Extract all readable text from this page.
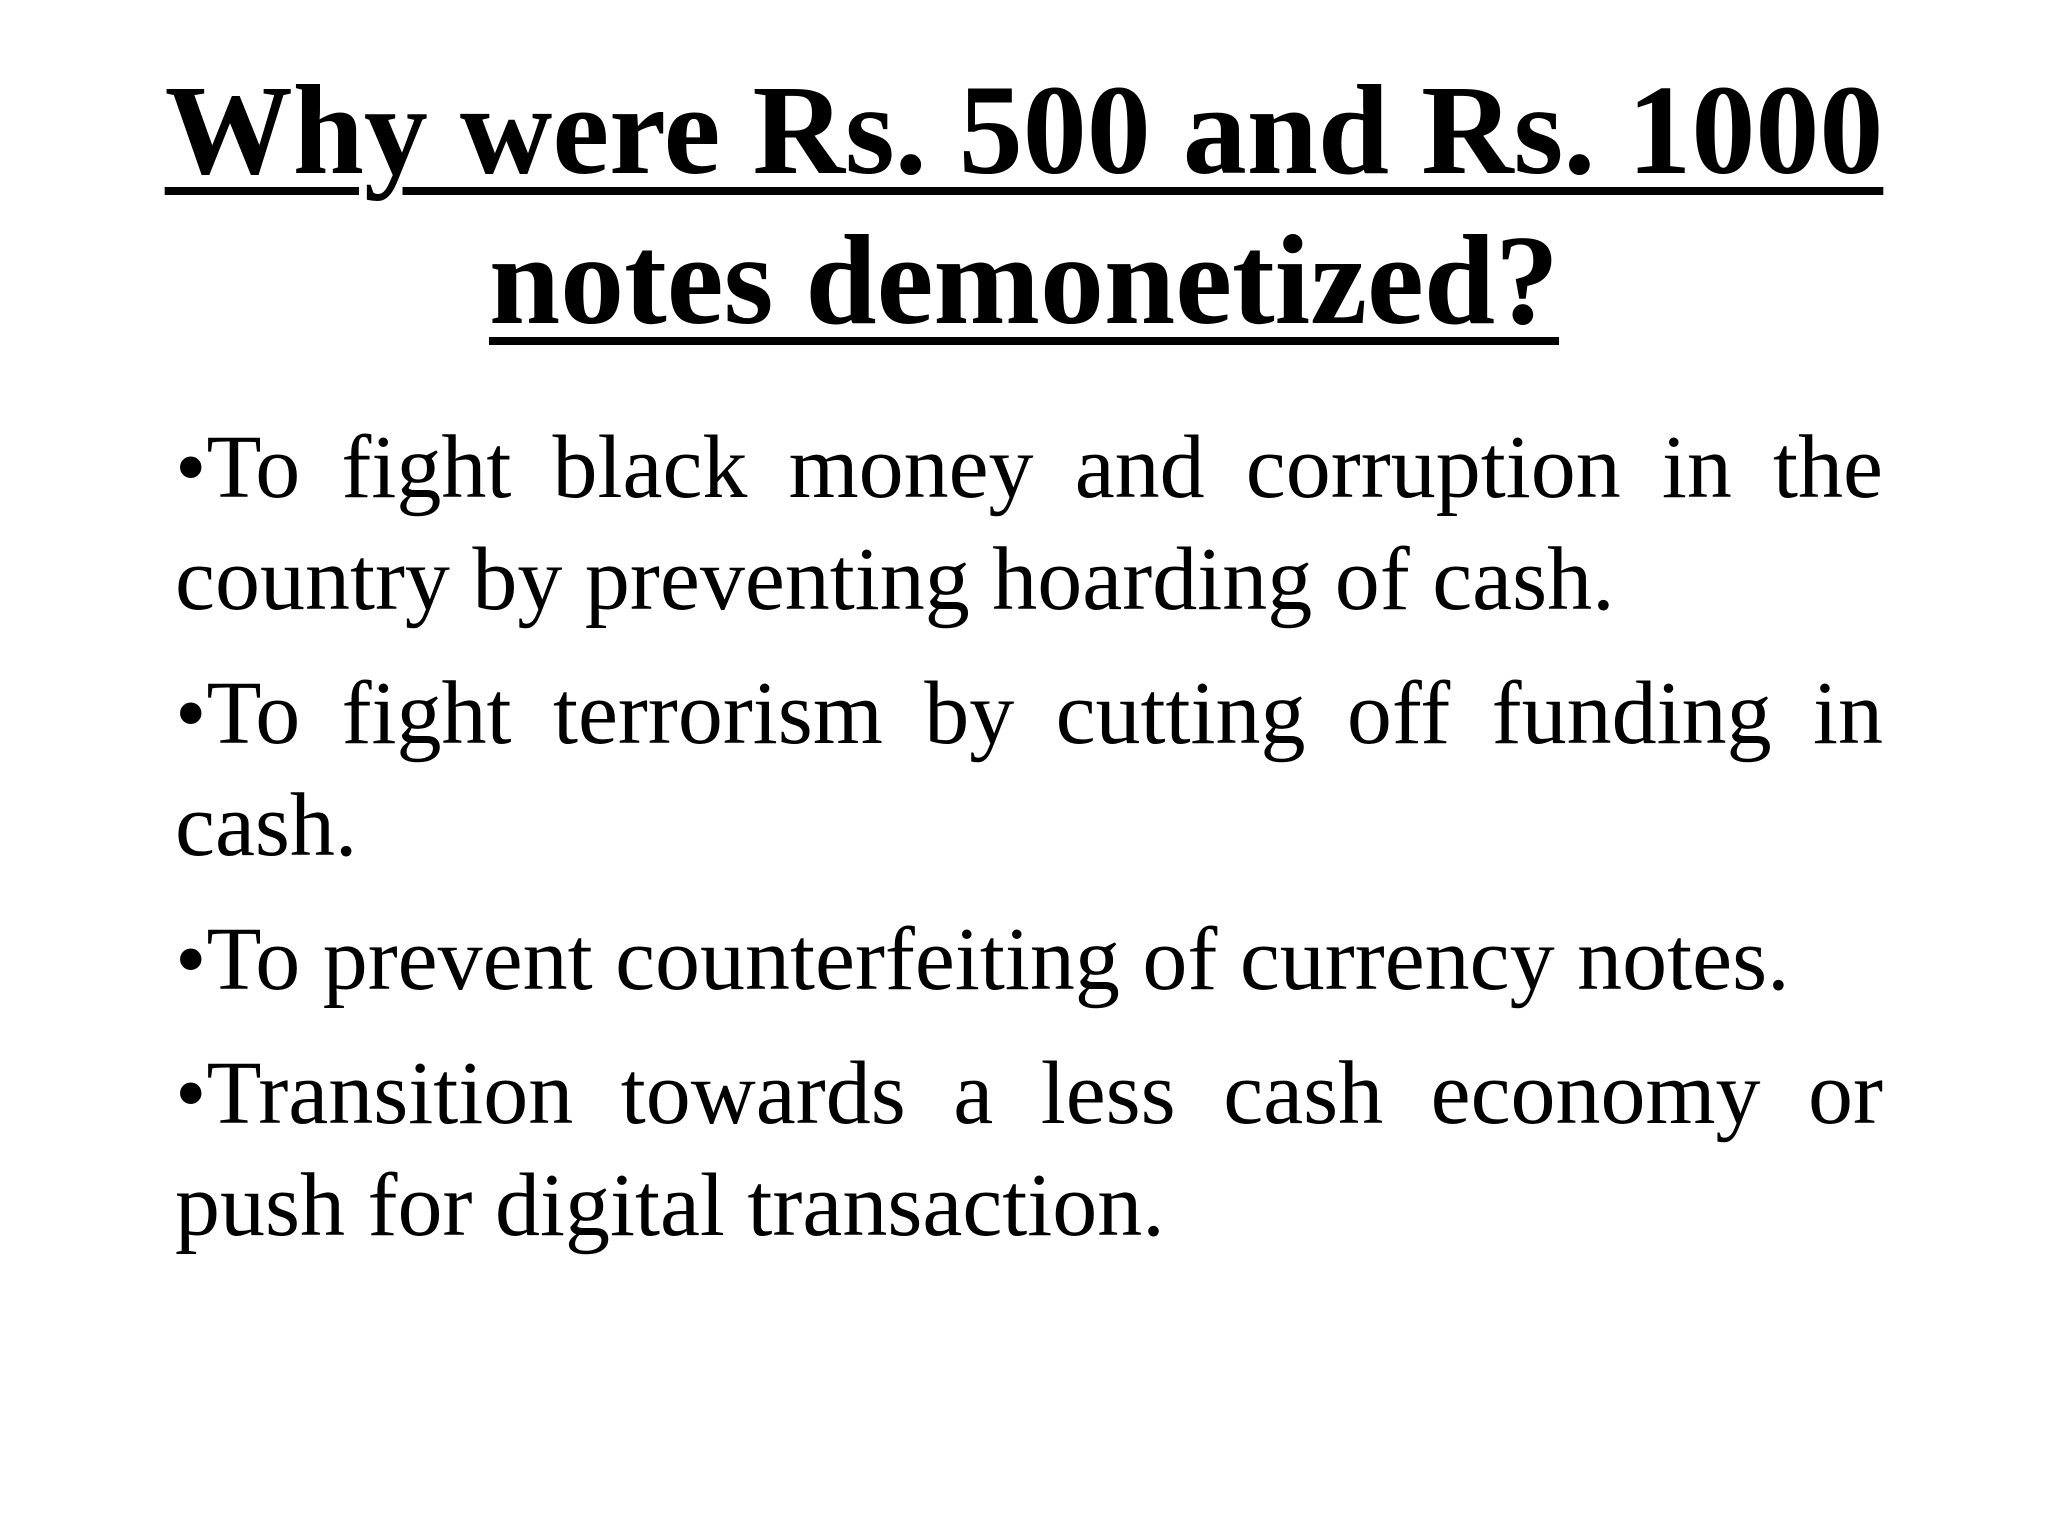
Why were Rs. 500 and Rs. 1000 notes demonetized?
•To fight black money and corruption in the country by preventing hoarding of cash.
•To fight terrorism by cutting off funding in cash.
•To prevent counterfeiting of currency notes.
•Transition towards a less cash economy or push for digital transaction.
